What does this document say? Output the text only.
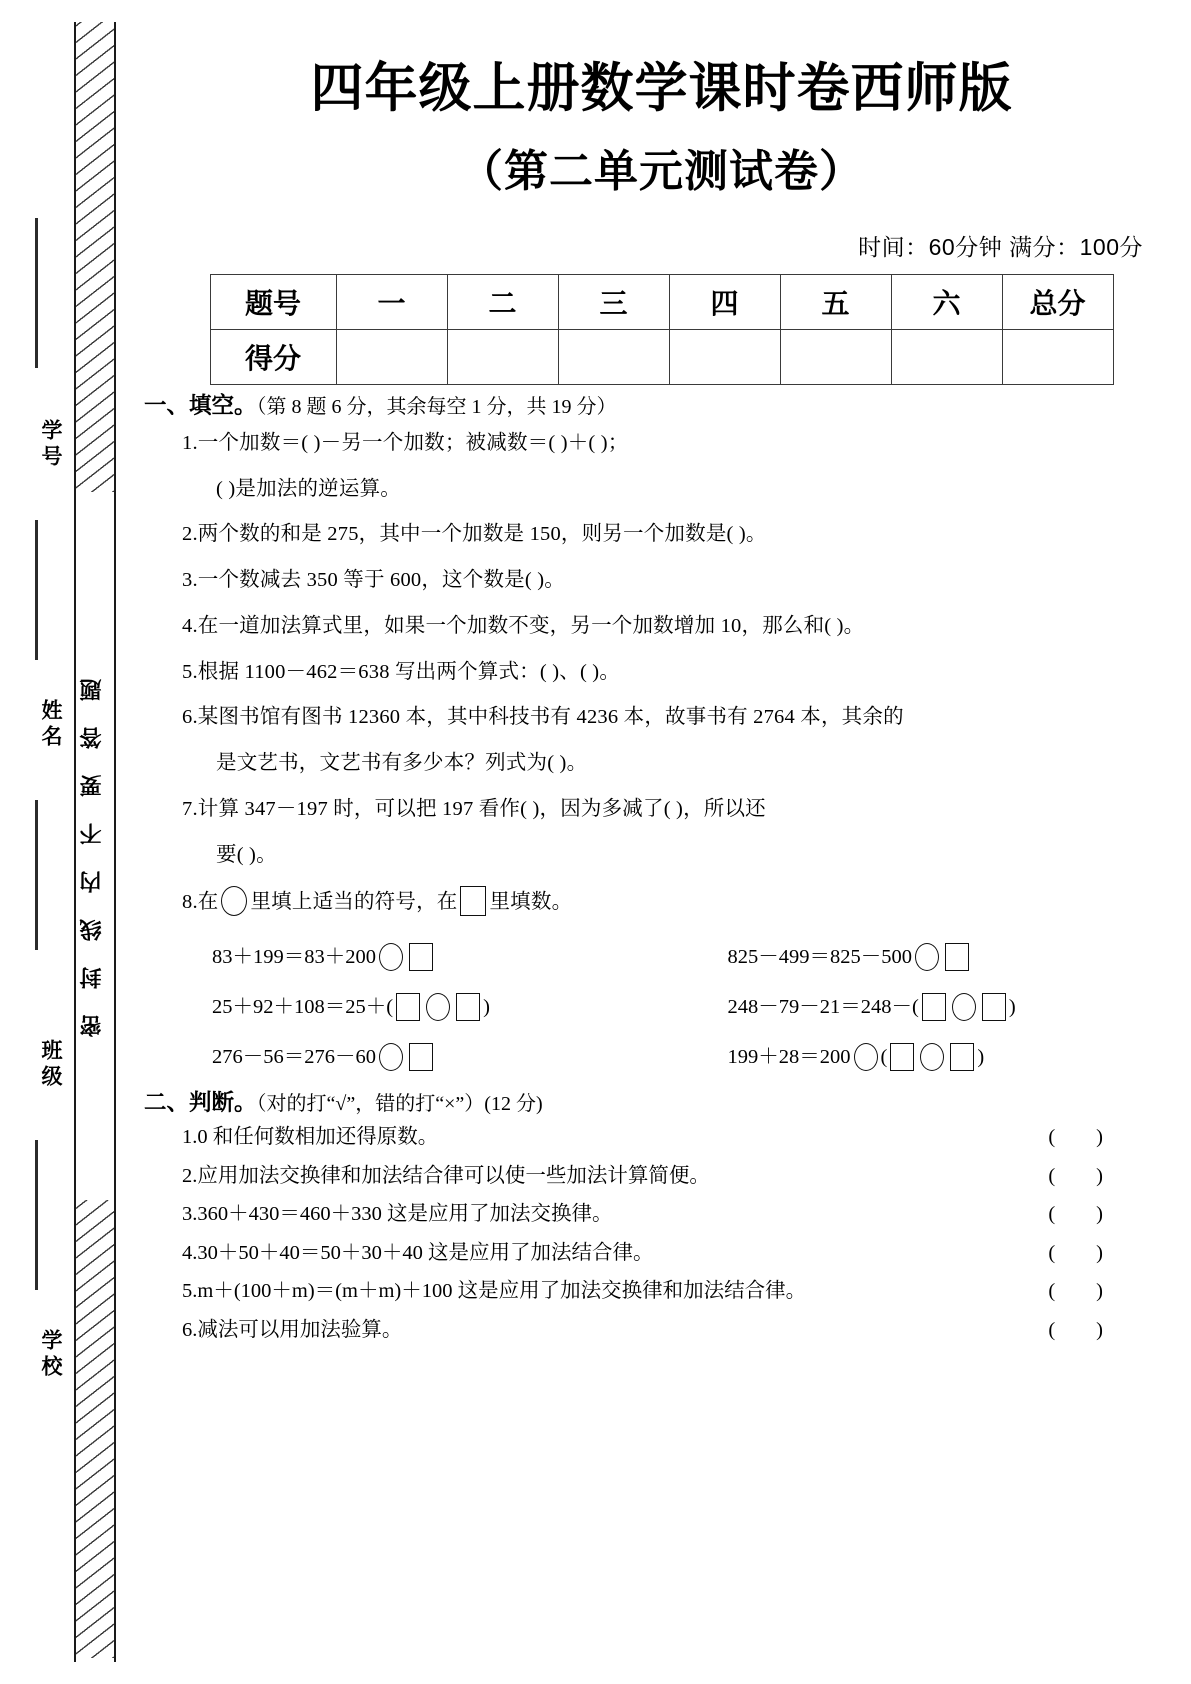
学号
姓名
班级
学校
密封线内不要答题
四年级上册数学课时卷西师版
（第二单元测试卷）
时间：60分钟 满分：100分
题号	一	二	三	四	五	六	总分
得分							
一、填空。（第 8 题 6 分，其余每空 1 分，共 19 分）
1.一个加数＝( )－另一个加数；被减数＝( )＋( )；
( )是加法的逆运算。
2.两个数的和是 275，其中一个加数是 150，则另一个加数是( )。
3.一个数减去 350 等于 600，这个数是( )。
4.在一道加法算式里，如果一个加数不变，另一个加数增加 10，那么和( )。
5.根据 1100－462＝638 写出两个算式：( )、( )。
6.某图书馆有图书 12360 本，其中科技书有 4236 本，故事书有 2764 本，其余的
是文艺书，文艺书有多少本？列式为( )。
7.计算 347－197 时，可以把 197 看作( )，因为多减了( )，所以还
要( )。
8.在 里填上适当的符号，在 里填数。
83＋199＝83＋200	825－499＝825－500
25＋92＋108＝25＋(	)	248－79－21＝248－(	)
276－56＝276－60	199＋28＝200 (	)
二、判断。（对的打“√”，错的打“×”）(12 分)
1.0 和任何数相加还得原数。	(        )
2.应用加法交换律和加法结合律可以使一些加法计算简便。	(        )
3.360＋430＝460＋330 这是应用了加法交换律。	(        )
4.30＋50＋40＝50＋30＋40 这是应用了加法结合律。	(        )
5.m＋(100＋m)＝(m＋m)＋100 这是应用了加法交换律和加法结合律。	(        )
6.减法可以用加法验算。	(        )
